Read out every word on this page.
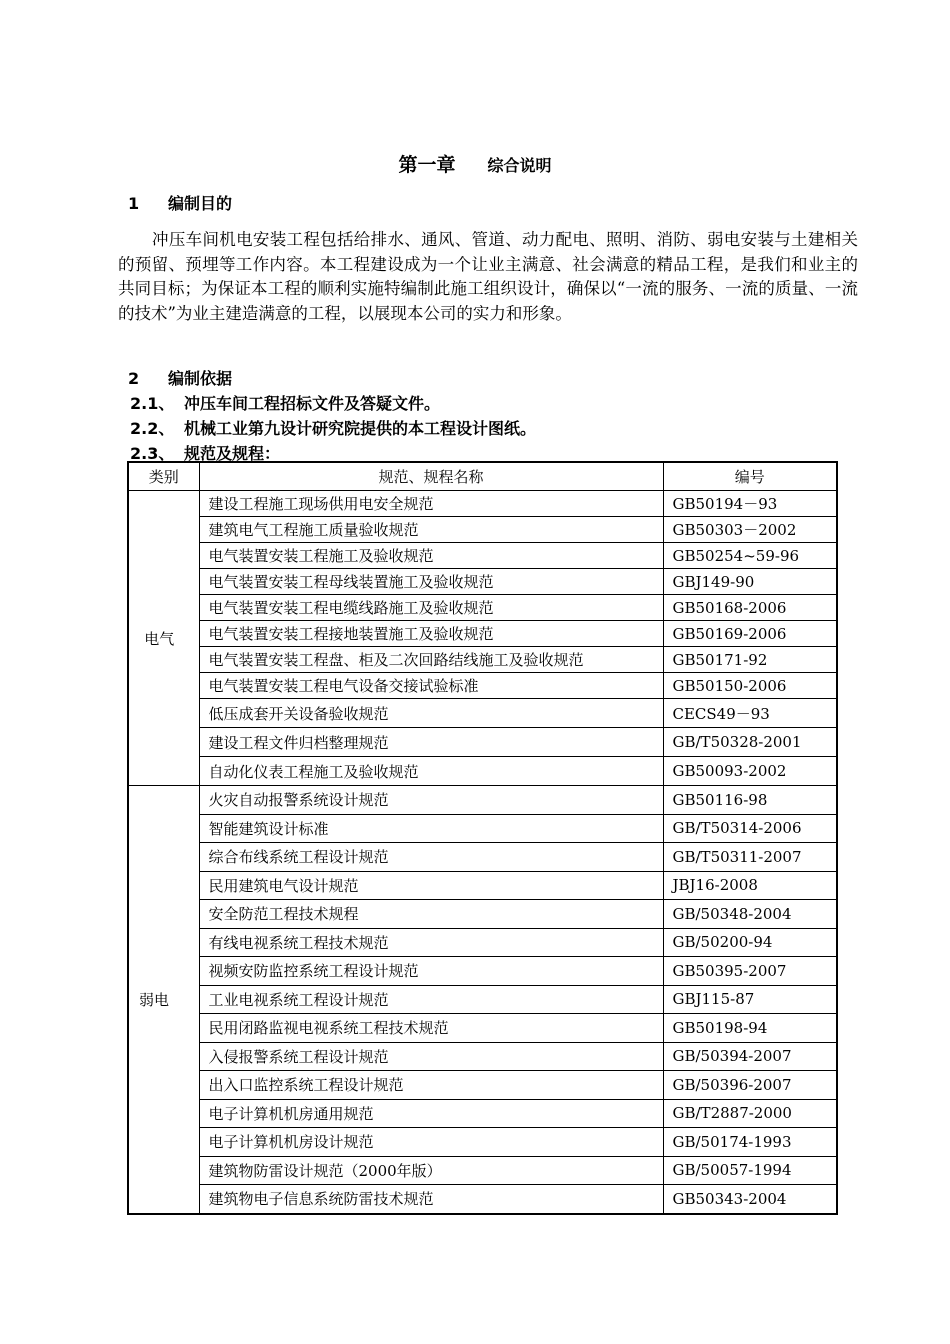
第一章 综合说明
1 编制目的
冲压车间机电安装工程包括给排水、通风、管道、动力配电、照明、消防、弱电安装与土建相关的预留、预埋等工作内容。本工程建设成为一个让业主满意、社会满意的精品工程，是我们和业主的共同目标；为保证本工程的顺利实施特编制此施工组织设计，确保以“一流的服务、一流的质量、一流的技术”为业主建造满意的工程，以展现本公司的实力和形象。
2 编制依据
2.1、 冲压车间工程招标文件及答疑文件。
2.2、 机械工业第九设计研究院提供的本工程设计图纸。
2.3、 规范及规程：
类别	规范、规程名称	编号
电气	建设工程施工现场供用电安全规范	GB50194－93
	建筑电气工程施工质量验收规范	GB50303－2002
	电气装置安装工程施工及验收规范	GB50254~59-96
	电气装置安装工程母线装置施工及验收规范	GBJ149-90
	电气装置安装工程电缆线路施工及验收规范	GB50168-2006
	电气装置安装工程接地装置施工及验收规范	GB50169-2006
	电气装置安装工程盘、柜及二次回路结线施工及验收规范	GB50171-92
	电气装置安装工程电气设备交接试验标准	GB50150-2006
	低压成套开关设备验收规范	CECS49－93
	建设工程文件归档整理规范	GB/T50328-2001
	自动化仪表工程施工及验收规范	GB50093-2002
弱电	火灾自动报警系统设计规范	GB50116-98
	智能建筑设计标准	GB/T50314-2006
	综合布线系统工程设计规范	GB/T50311-2007
	民用建筑电气设计规范	JBJ16-2008
	安全防范工程技术规程	GB/50348-2004
	有线电视系统工程技术规范	GB/50200-94
	视频安防监控系统工程设计规范	GB50395-2007
	工业电视系统工程设计规范	GBJ115-87
	民用闭路监视电视系统工程技术规范	GB50198-94
	入侵报警系统工程设计规范	GB/50394-2007
	出入口监控系统工程设计规范	GB/50396-2007
	电子计算机机房通用规范	GB/T2887-2000
	电子计算机机房设计规范	GB/50174-1993
	建筑物防雷设计规范（2000年版）	GB/50057-1994
	建筑物电子信息系统防雷技术规范	GB50343-2004
